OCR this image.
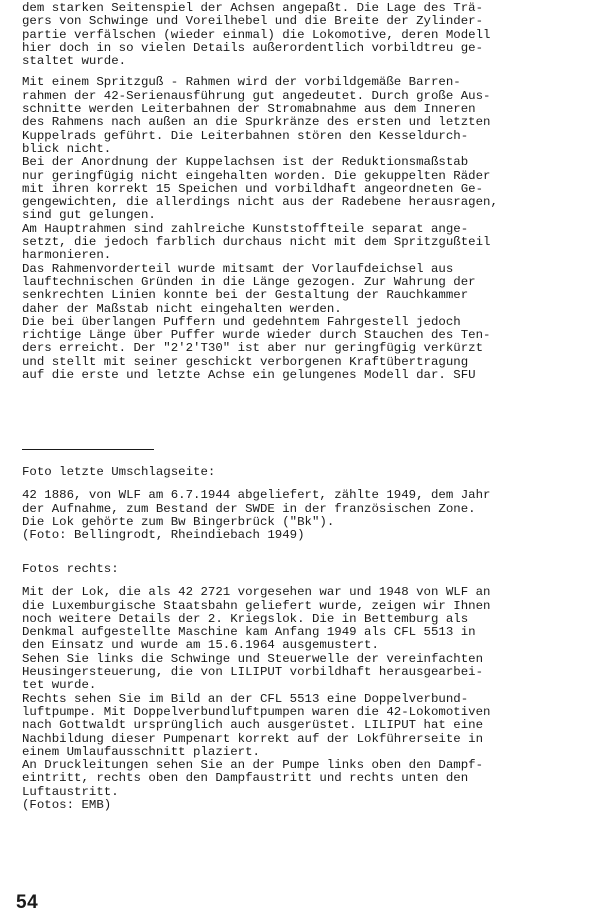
dem starken Seitenspiel der Achsen angepaßt. Die Lage des Trä-
gers von Schwinge und Voreilhebel und die Breite der Zylinder-
partie verfälschen (wieder einmal) die Lokomotive, deren Modell
hier doch in so vielen Details außerordentlich vorbildtreu ge-
staltet wurde.
Mit einem Spritzguß - Rahmen wird der vorbildgemäße Barren-
rahmen der 42-Serienausführung gut angedeutet. Durch große Aus-
schnitte werden Leiterbahnen der Stromabnahme aus dem Inneren
des Rahmens nach außen an die Spurkränze des ersten und letzten
Kuppelrads geführt. Die Leiterbahnen stören den Kesseldurch-
blick nicht.
Bei der Anordnung der Kuppelachsen ist der Reduktionsmaßstab
nur geringfügig nicht eingehalten worden. Die gekuppelten Räder
mit ihren korrekt 15 Speichen und vorbildhaft angeordneten Ge-
gengewichten, die allerdings nicht aus der Radebene herausragen,
sind gut gelungen.
Am Hauptrahmen sind zahlreiche Kunststoffteile separat ange-
setzt, die jedoch farblich durchaus nicht mit dem Spritzgußteil
harmonieren.
Das Rahmenvorderteil wurde mitsamt der Vorlaufdeichsel aus
lauftechnischen Gründen in die Länge gezogen. Zur Wahrung der
senkrechten Linien konnte bei der Gestaltung der Rauchkammer
daher der Maßstab nicht eingehalten werden.
Die bei überlangen Puffern und gedehntem Fahrgestell jedoch
richtige Länge über Puffer wurde wieder durch Stauchen des Ten-
ders erreicht. Der "2'2'T30" ist aber nur geringfügig verkürzt
und stellt mit seiner geschickt verborgenen Kraftübertragung
auf die erste und letzte Achse ein gelungenes Modell dar. SFU
Foto letzte Umschlagseite:
42 1886, von WLF am 6.7.1944 abgeliefert, zählte 1949, dem Jahr
der Aufnahme, zum Bestand der SWDE in der französischen Zone.
Die Lok gehörte zum Bw Bingerbrück ("Bk").
(Foto: Bellingrodt, Rheindiebach 1949)
Fotos rechts:
Mit der Lok, die als 42 2721 vorgesehen war und 1948 von WLF an
die Luxemburgische Staatsbahn geliefert wurde, zeigen wir Ihnen
noch weitere Details der 2. Kriegslok. Die in Bettemburg als
Denkmal aufgestellte Maschine kam Anfang 1949 als CFL 5513 in
den Einsatz und wurde am 15.6.1964 ausgemustert.
Sehen Sie links die Schwinge und Steuerwelle der vereinfachten
Heusingersteuerung, die von LILIPUT vorbildhaft herausgearbei-
tet wurde.
Rechts sehen Sie im Bild an der CFL 5513 eine Doppelverbund-
luftpumpe. Mit Doppelverbundluftpumpen waren die 42-Lokomotiven
nach Gottwaldt ursprünglich auch ausgerüstet. LILIPUT hat eine
Nachbildung dieser Pumpenart korrekt auf der Lokführerseite in
einem Umlaufausschnitt plaziert.
An Druckleitungen sehen Sie an der Pumpe links oben den Dampf-
eintritt, rechts oben den Dampfaustritt und rechts unten den
Luftaustritt.
(Fotos: EMB)
54
